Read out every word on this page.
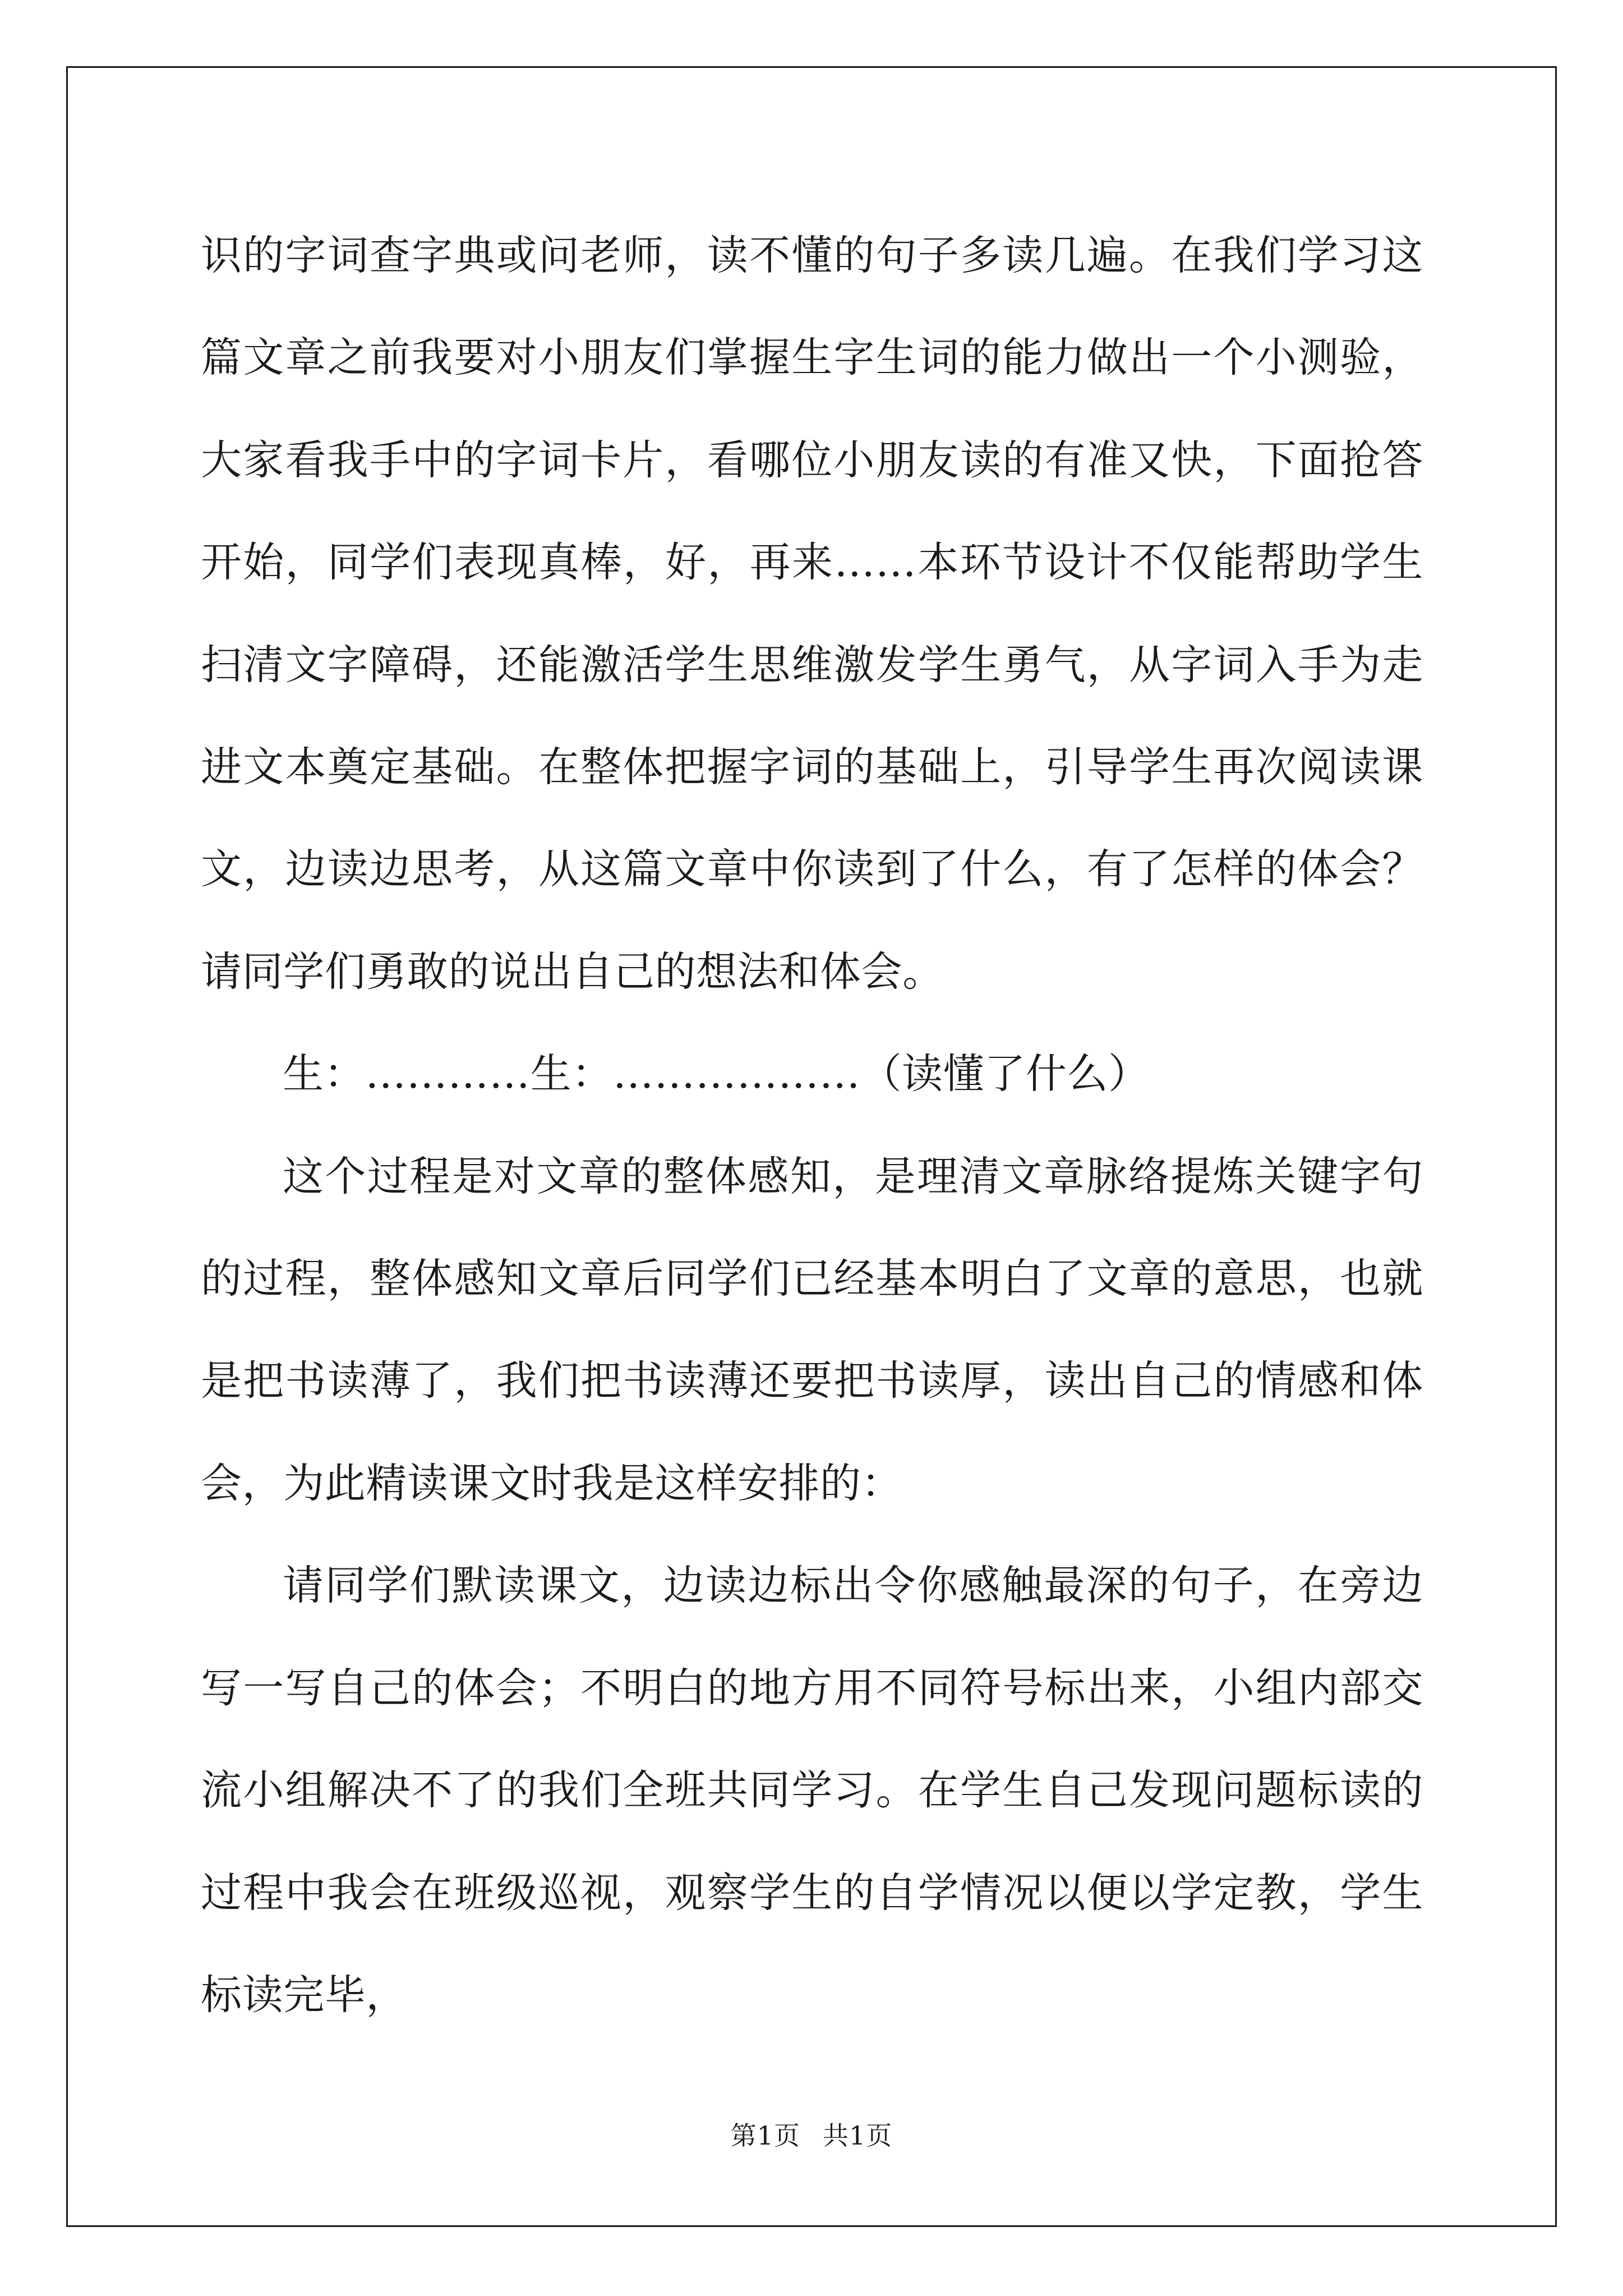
识的字词查字典或问老师，读不懂的句子多读几遍。在我们学习这篇文章之前我要对小朋友们掌握生字生词的能力做出一个小测验，大家看我手中的字词卡片，看哪位小朋友读的有准又快，下面抢答开始，同学们表现真棒，好，再来……本环节设计不仅能帮助学生扫清文字障碍，还能激活学生思维激发学生勇气，从字词入手为走进文本奠定基础。在整体把握字词的基础上，引导学生再次阅读课文，边读边思考，从这篇文章中你读到了什么，有了怎样的体会？请同学们勇敢的说出自己的想法和体会。

生：…………生：………………（读懂了什么）

这个过程是对文章的整体感知，是理清文章脉络提炼关键字句的过程，整体感知文章后同学们已经基本明白了文章的意思，也就是把书读薄了，我们把书读薄还要把书读厚，读出自己的情感和体会，为此精读课文时我是这样安排的：

请同学们默读课文，边读边标出令你感触最深的句子，在旁边写一写自己的体会；不明白的地方用不同符号标出来，小组内部交流小组解决不了的我们全班共同学习。在学生自己发现问题标读的过程中我会在班级巡视，观察学生的自学情况以便以学定教，学生标读完毕，

第1页 共1页
